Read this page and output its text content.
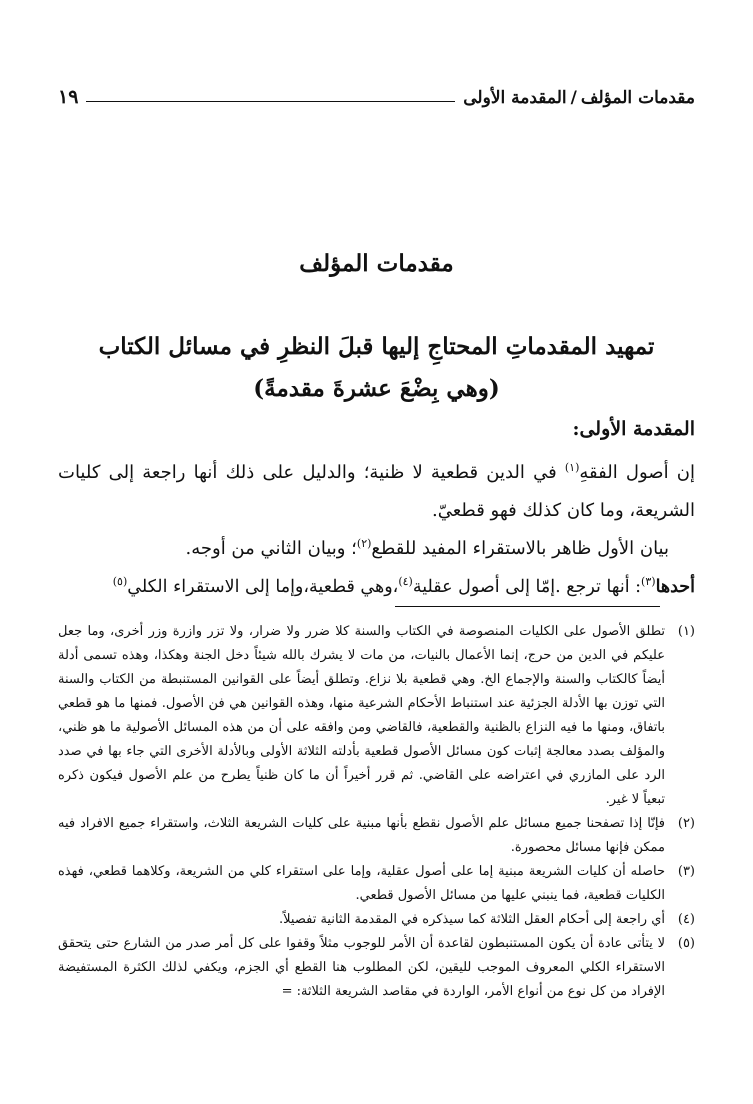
مقدمات المؤلف
/
المقدمة الأولى
١٩
مقدمات المؤلف
تمهيد المقدماتِ المحتاجِ إليها قبلَ النظرِ في مسائل الكتاب
(وهي بِضْعَ عشرةَ مقدمةً)
المقدمة الأولى:

إن أصول الفقهِ$^{(١)}$ في الدين قطعية لا ظنية؛ والدليل على ذلك أنها راجعة إلى كليات الشريعة، وما كان كذلك فهو قطعيّ.

بيان الأول ظاهر بالاستقراء المفيد للقطع$^{(٢)}$؛ وبيان الثاني من أوجه.

أحدها$^{(٣)}$: أنها ترجع .إمّا إلى أصول عقلية$^{(٤)}$،وهي قطعية،وإما إلى الاستقراء الكلي$^{(٥)}$

(١)
تطلق الأصول على الكليات المنصوصة في الكتاب والسنة كلا ضرر ولا ضرار، ولا تزر وازرة وزر أخرى، وما جعل عليكم في الدين من حرج، إنما الأعمال بالنيات، من مات لا يشرك بالله شيئاً دخل الجنة وهكذا، وهذه تسمى أدلة أيضاً كالكتاب والسنة والإجماع الخ. وهي قطعية بلا نزاع. وتطلق أيضاً على القوانين المستنبطة من الكتاب والسنة التي توزن بها الأدلة الجزئية عند استنباط الأحكام الشرعية منها، وهذه القوانين هي فن الأصول. فمنها ما هو قطعي باتفاق، ومنها ما فيه النزاع بالظنية والقطعية، فالقاضي ومن وافقه على أن من هذه المسائل الأصولية ما هو ظني، والمؤلف بصدد معالجة إثبات كون مسائل الأصول قطعية بأدلته الثلاثة الأولى وبالأدلة الأخرى التي جاء بها في صدد الرد على المازري في اعتراضه على القاضي. ثم قرر أخيراً أن ما كان ظنياً يطرح من علم الأصول فيكون ذكره تبعياً لا غير.
(٢)
فإنّا إذا تصفحنا جميع مسائل علم الأصول نقطع بأنها مبنية على كليات الشريعة الثلاث، واستقراء جميع الافراد فيه ممكن فإنها مسائل محصورة.
(٣)
حاصله أن كليات الشريعة مبنية إما على أصول عقلية، وإما على استقراء كلي من الشريعة، وكلاهما قطعي، فهذه الكليات قطعية، فما ينبني عليها من مسائل الأصول قطعي.
(٤)
أي راجعة إلى أحكام العقل الثلاثة كما سيذكره في المقدمة الثانية تفصيلاً.
(٥)
لا يتأتى عادة أن يكون المستنبطون لقاعدة أن الأمر للوجوب مثلاً وقفوا على كل أمر صدر من الشارع حتى يتحقق الاستقراء الكلي المعروف الموجب لليقين، لكن المطلوب هنا القطع أي الجزم، ويكفي لذلك الكثرة المستفيضة الإفراد من كل نوع من أنواع الأمر، الواردة في مقاصد الشريعة الثلاثة: =
